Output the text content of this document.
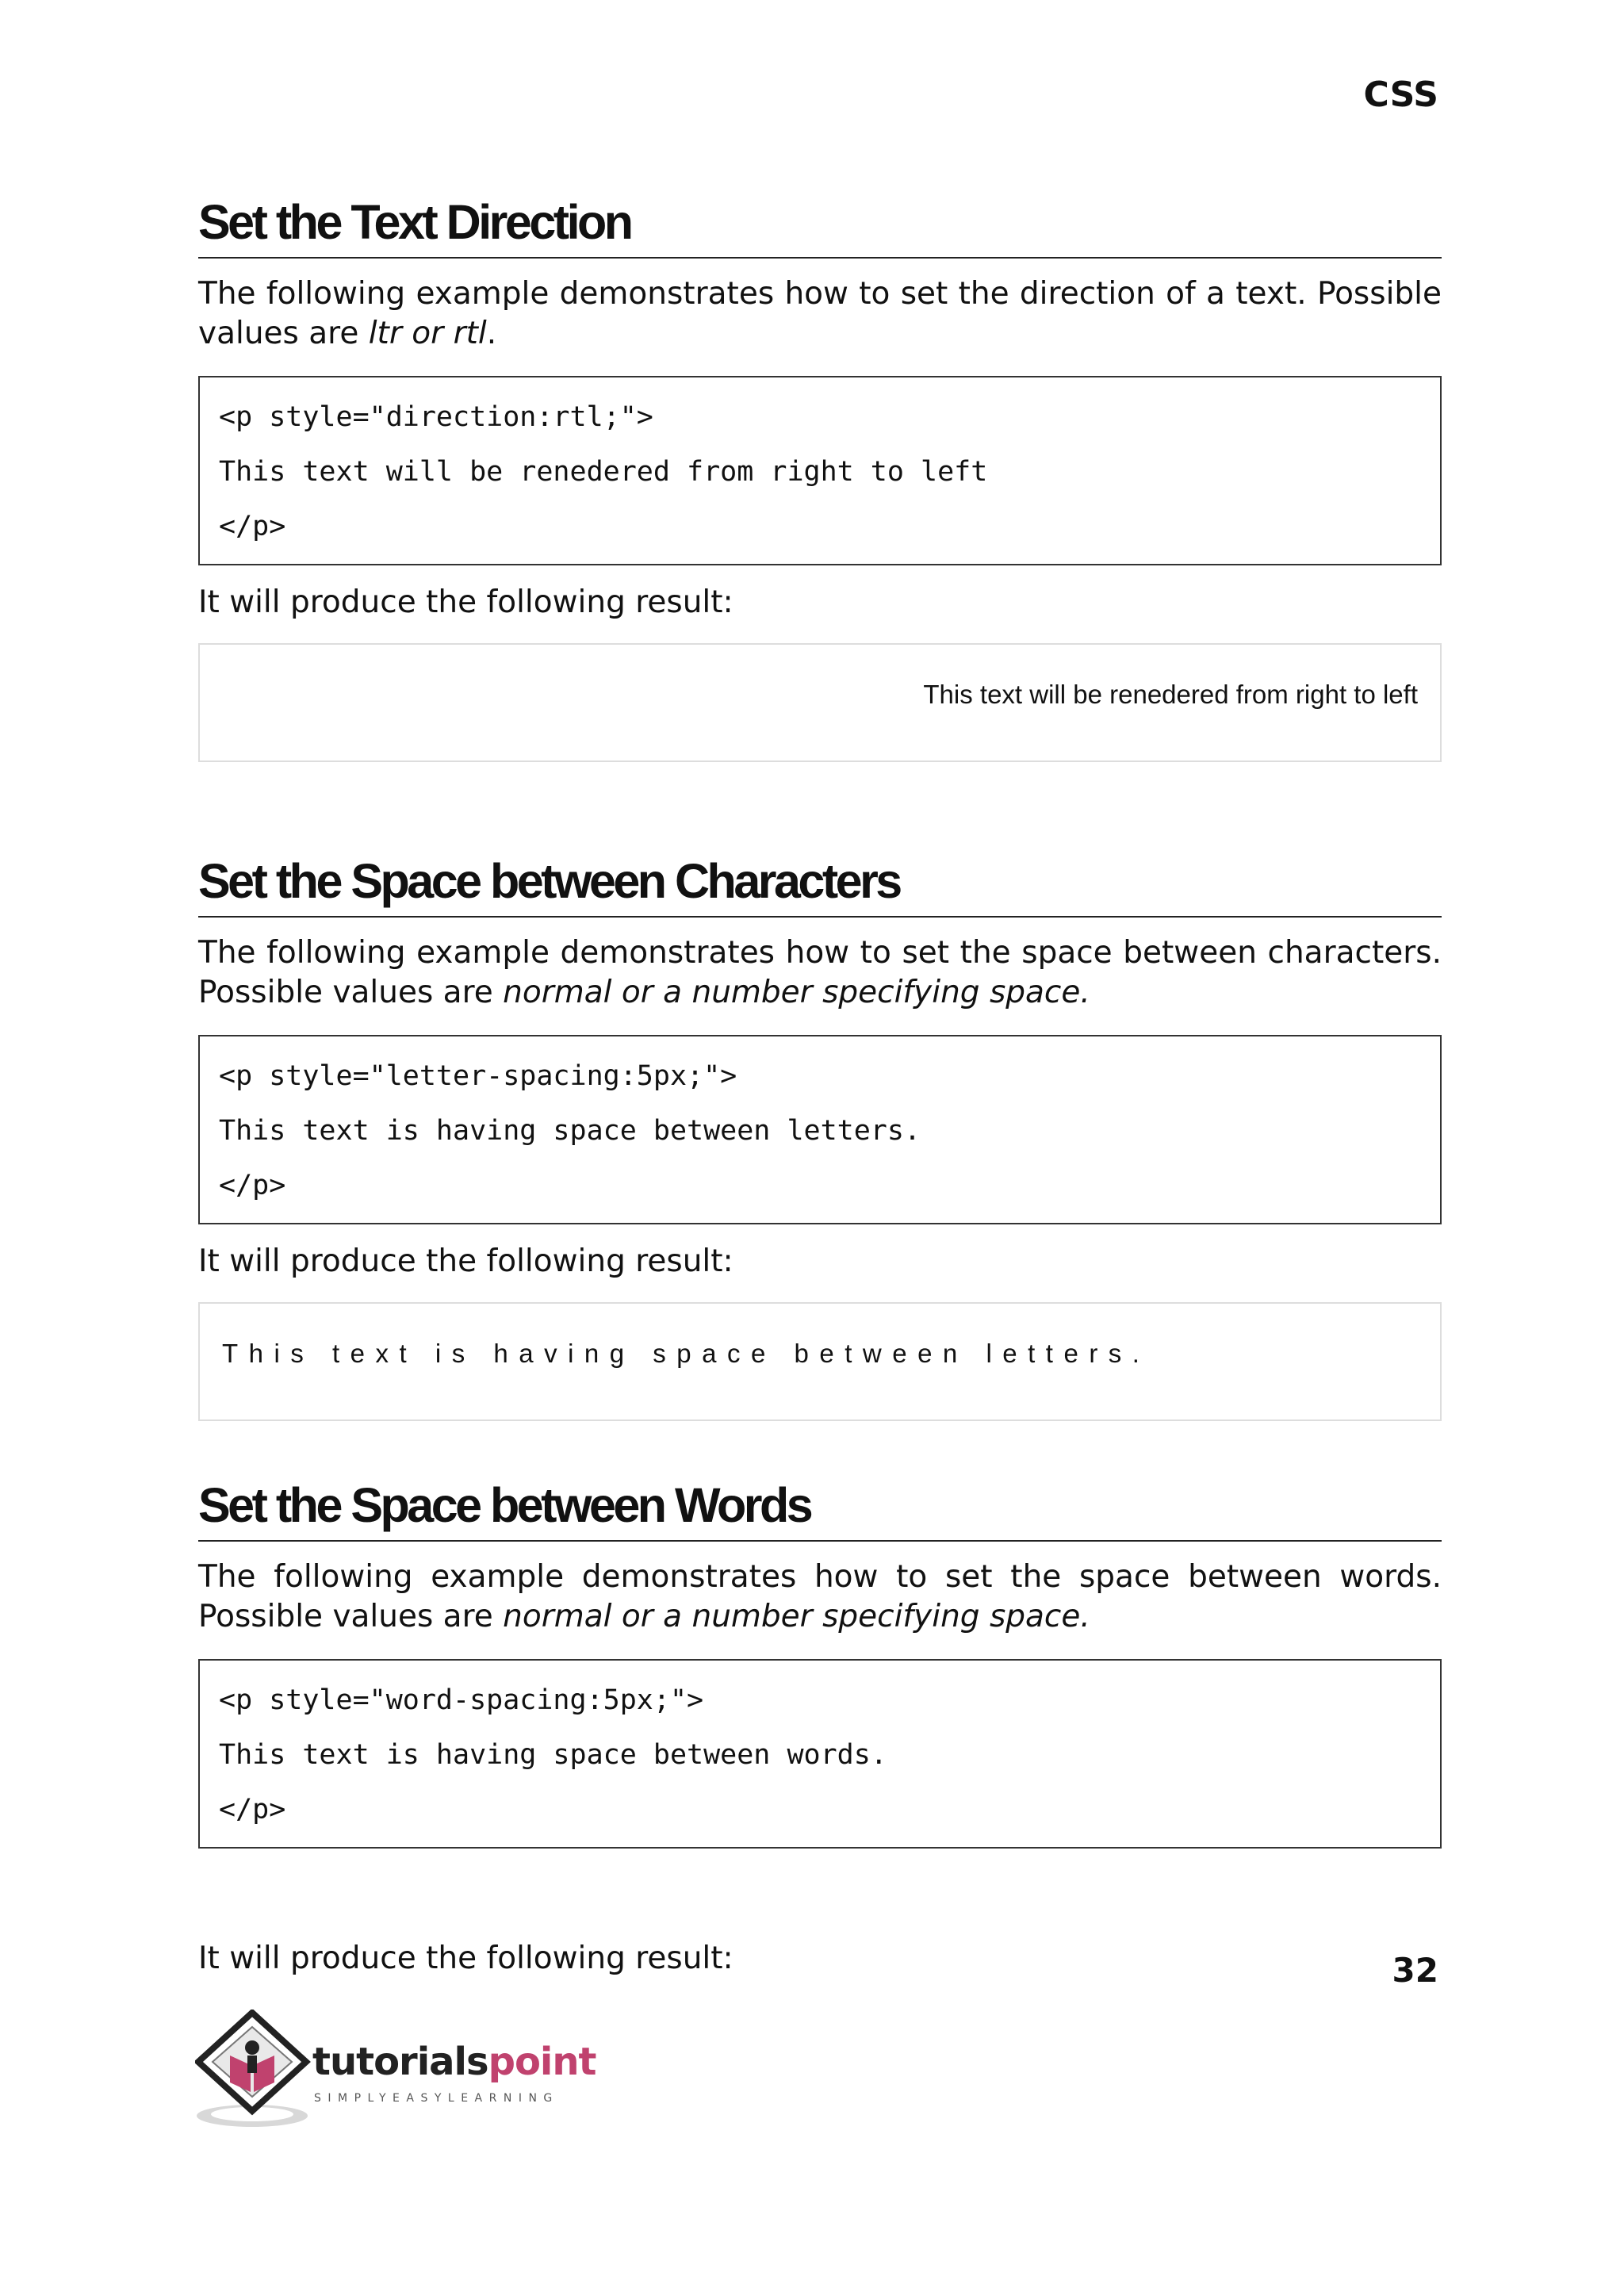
CSS
Set the Text Direction

The following example demonstrates how to set the direction of a text. Possible values are ltr or rtl.

<p style="direction:rtl;">
This text will be renedered from right to left
</p>

It will produce the following result:

This text will be renedered from right to left
Set the Space between Characters

The following example demonstrates how to set the space between characters. Possible values are normal or a number specifying space.

<p style="letter-spacing:5px;">
This text is having space between letters.
</p>

It will produce the following result:

This text is having space between letters.
Set the Space between Words

The following example demonstrates how to set the space between words. Possible values are normal or a number specifying space.

<p style="word-spacing:5px;">
This text is having space between words.
</p>

It will produce the following result:	32
tutorialspoint
SIMPLYEASYLEARNING
